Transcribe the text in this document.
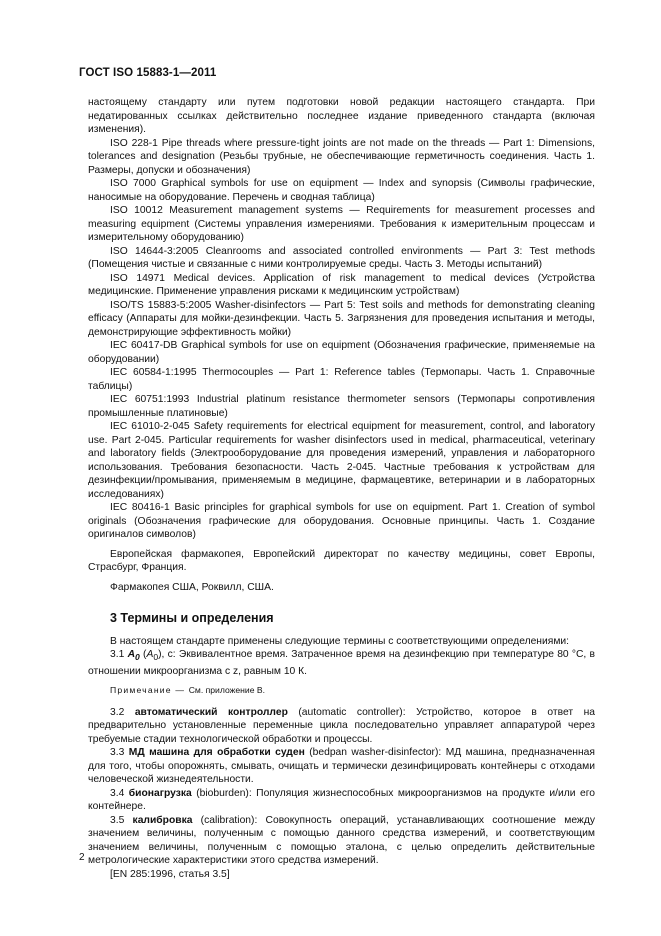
ГОСТ ISO 15883-1—2011

настоящему стандарту или путем подготовки новой редакции настоящего стандарта. При недатированных ссылках действительно последнее издание приведенного стандарта (включая изменения).

ISO 228-1 Pipe threads where pressure-tight joints are not made on the threads — Part 1: Dimensions, tolerances and designation (Резьбы трубные, не обеспечивающие герметичность соединения. Часть 1. Размеры, допуски и обозначения)

ISO 7000 Graphical symbols for use on equipment — Index and synopsis (Символы графические, наносимые на оборудование. Перечень и сводная таблица)

ISO 10012 Measurement management systems — Requirements for measurement processes and measuring equipment (Системы управления измерениями. Требования к измерительным процессам и измерительному оборудованию)

ISO 14644-3:2005 Cleanrooms and associated controlled environments — Part 3: Test methods (Помещения чистые и связанные с ними контролируемые среды. Часть 3. Методы испытаний)

ISO 14971 Medical devices. Application of risk management to medical devices (Устройства медицинские. Применение управления рисками к медицинским устройствам)

ISO/TS 15883-5:2005 Washer-disinfectors — Part 5: Test soils and methods for demonstrating cleaning efficacy (Аппараты для мойки-дезинфекции. Часть 5. Загрязнения для проведения испытания и методы, демонстрирующие эффективность мойки)

IEC 60417-DB Graphical symbols for use on equipment (Обозначения графические, применяемые на оборудовании)

IEC 60584-1:1995 Thermocouples — Part 1: Reference tables (Термопары. Часть 1. Справочные таблицы)

IEC 60751:1993 Industrial platinum resistance thermometer sensors (Термопары сопротивления промышленные платиновые)

IEC 61010-2-045 Safety requirements for electrical equipment for measurement, control, and laboratory use. Part 2-045. Particular requirements for washer disinfectors used in medical, pharmaceutical, veterinary and laboratory fields (Электрооборудование для проведения измерений, управления и лабораторного использования. Требования безопасности. Часть 2-045. Частные требования к устройствам для дезинфекции/промывания, применяемым в медицине, фармацевтике, ветеринарии и в лабораторных исследованиях)

IEC 80416-1 Basic principles for graphical symbols for use on equipment. Part 1. Creation of symbol originals (Обозначения графические для оборудования. Основные принципы. Часть 1. Создание оригиналов символов)

Европейская фармакопея, Европейский директорат по качеству медицины, совет Европы, Страсбург, Франция.

Фармакопея США, Роквилл, США.

3 Термины и определения

В настоящем стандарте применены следующие термины с соответствующими определениями:

3.1 $A_0$ $(A_0)$, с: Эквивалентное время. Затраченное время на дезинфекцию при температуре 80 °С, в отношении микроорганизма с z, равным 10 К.

Примечание — См. приложение В.

3.2 автоматический контроллер (automatic controller): Устройство, которое в ответ на предварительно установленные переменные цикла последовательно управляет аппаратурой через требуемые стадии технологической обработки и процессы.

3.3 МД машина для обработки суден (bedpan washer-disinfector): МД машина, предназначенная для того, чтобы опорожнять, смывать, очищать и термически дезинфицировать контейнеры с отходами человеческой жизнедеятельности.

3.4 бионагрузка (bioburden): Популяция жизнеспособных микроорганизмов на продукте и/или его контейнере.

3.5 калибровка (calibration): Совокупность операций, устанавливающих соотношение между значением величины, полученным с помощью данного средства измерений, и соответствующим значением величины, полученным с помощью эталона, с целью определить действительные метрологические характеристики этого средства измерений.

[EN 285:1996, статья 3.5]

2
